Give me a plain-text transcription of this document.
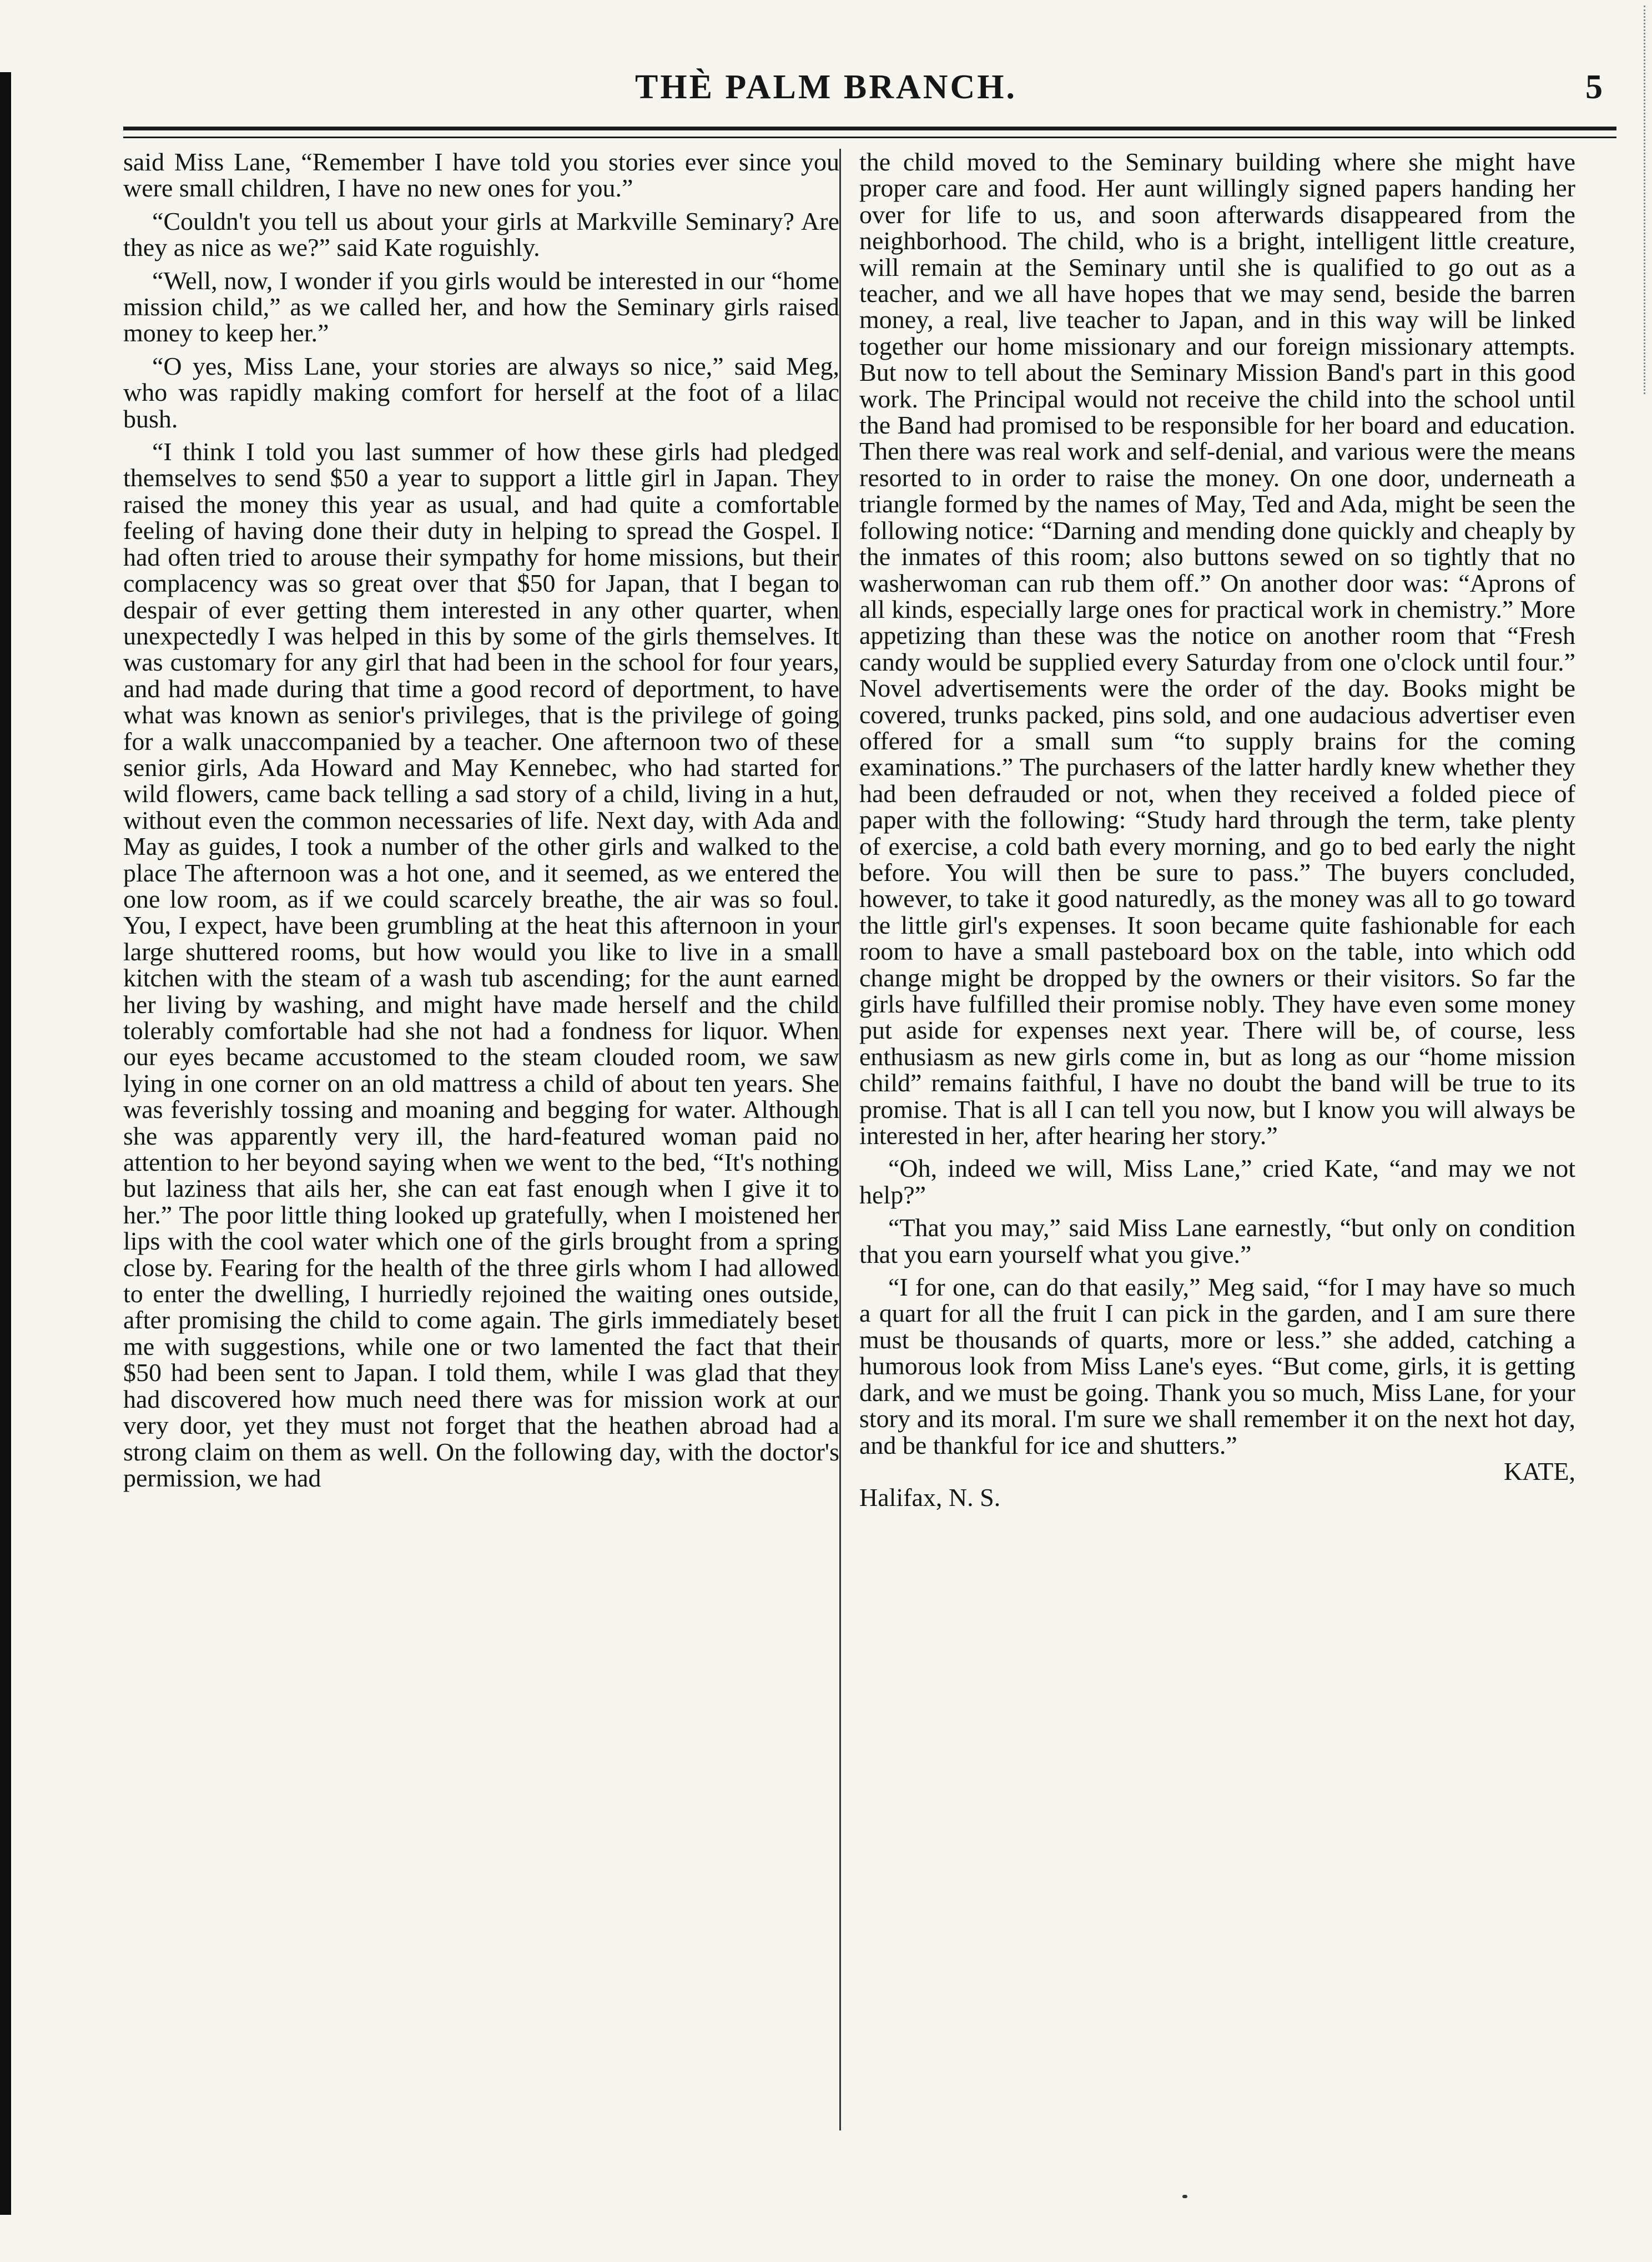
THÈ PALM BRANCH.	5

said Miss Lane, “Remember I have told you stories ever since you were small children, I have no new ones for you.”

“Couldn't you tell us about your girls at Markville Seminary? Are they as nice as we?” said Kate roguishly.

“Well, now, I wonder if you girls would be interested in our “home mission child,” as we called her, and how the Seminary girls raised money to keep her.”

“O yes, Miss Lane, your stories are always so nice,” said Meg, who was rapidly making comfort for herself at the foot of a lilac bush.

“I think I told you last summer of how these girls had pledged themselves to send $50 a year to support a little girl in Japan. They raised the money this year as usual, and had quite a comfortable feeling of having done their duty in helping to spread the Gospel. I had often tried to arouse their sympathy for home missions, but their complacency was so great over that $50 for Japan, that I began to despair of ever getting them interested in any other quarter, when unexpectedly I was helped in this by some of the girls themselves. It was customary for any girl that had been in the school for four years, and had made during that time a good record of deportment, to have what was known as senior's privileges, that is the privilege of going for a walk unaccompanied by a teacher. One afternoon two of these senior girls, Ada Howard and May Kennebec, who had started for wild flowers, came back telling a sad story of a child, living in a hut, without even the common necessaries of life. Next day, with Ada and May as guides, I took a number of the other girls and walked to the place The afternoon was a hot one, and it seemed, as we entered the one low room, as if we could scarcely breathe, the air was so foul. You, I expect, have been grumbling at the heat this afternoon in your large shuttered rooms, but how would you like to live in a small kitchen with the steam of a wash tub ascending; for the aunt earned her living by washing, and might have made herself and the child tolerably comfortable had she not had a fondness for liquor. When our eyes became accustomed to the steam clouded room, we saw lying in one corner on an old mattress a child of about ten years. She was feverishly tossing and moaning and begging for water. Although she was apparently very ill, the hard-featured woman paid no attention to her beyond saying when we went to the bed, “It's nothing but laziness that ails her, she can eat fast enough when I give it to her.” The poor little thing looked up gratefully, when I moistened her lips with the cool water which one of the girls brought from a spring close by. Fearing for the health of the three girls whom I had allowed to enter the dwelling, I hurriedly rejoined the waiting ones outside, after promising the child to come again. The girls immediately beset me with suggestions, while one or two lamented the fact that their $50 had been sent to Japan. I told them, while I was glad that they had discovered how much need there was for mission work at our very door, yet they must not forget that the heathen abroad had a strong claim on them as well. On the following day, with the doctor's permission, we had

the child moved to the Seminary building where she might have proper care and food. Her aunt willingly signed papers handing her over for life to us, and soon afterwards disappeared from the neighborhood. The child, who is a bright, intelligent little creature, will remain at the Seminary until she is qualified to go out as a teacher, and we all have hopes that we may send, beside the barren money, a real, live teacher to Japan, and in this way will be linked together our home missionary and our foreign missionary attempts. But now to tell about the Seminary Mission Band's part in this good work. The Principal would not receive the child into the school until the Band had promised to be responsible for her board and education. Then there was real work and self-denial, and various were the means resorted to in order to raise the money. On one door, underneath a triangle formed by the names of May, Ted and Ada, might be seen the following notice: “Darning and mending done quickly and cheaply by the inmates of this room; also buttons sewed on so tightly that no washerwoman can rub them off.” On another door was: “Aprons of all kinds, especially large ones for practical work in chemistry.” More appetizing than these was the notice on another room that “Fresh candy would be supplied every Saturday from one o'clock until four.” Novel advertisements were the order of the day. Books might be covered, trunks packed, pins sold, and one audacious advertiser even offered for a small sum “to supply brains for the coming examinations.” The purchasers of the latter hardly knew whether they had been defrauded or not, when they received a folded piece of paper with the following: “Study hard through the term, take plenty of exercise, a cold bath every morning, and go to bed early the night before. You will then be sure to pass.” The buyers concluded, however, to take it good naturedly, as the money was all to go toward the little girl's expenses. It soon became quite fashionable for each room to have a small pasteboard box on the table, into which odd change might be dropped by the owners or their visitors. So far the girls have fulfilled their promise nobly. They have even some money put aside for expenses next year. There will be, of course, less enthusiasm as new girls come in, but as long as our “home mission child” remains faithful, I have no doubt the band will be true to its promise. That is all I can tell you now, but I know you will always be interested in her, after hearing her story.”

“Oh, indeed we will, Miss Lane,” cried Kate, “and may we not help?”

“That you may,” said Miss Lane earnestly, “but only on condition that you earn yourself what you give.”

“I for one, can do that easily,” Meg said, “for I may have so much a quart for all the fruit I can pick in the garden, and I am sure there must be thousands of quarts, more or less.” she added, catching a humorous look from Miss Lane's eyes. “But come, girls, it is getting dark, and we must be going. Thank you so much, Miss Lane, for your story and its moral. I'm sure we shall remember it on the next hot day, and be thankful for ice and shutters.”

KATE,

Halifax, N. S.
